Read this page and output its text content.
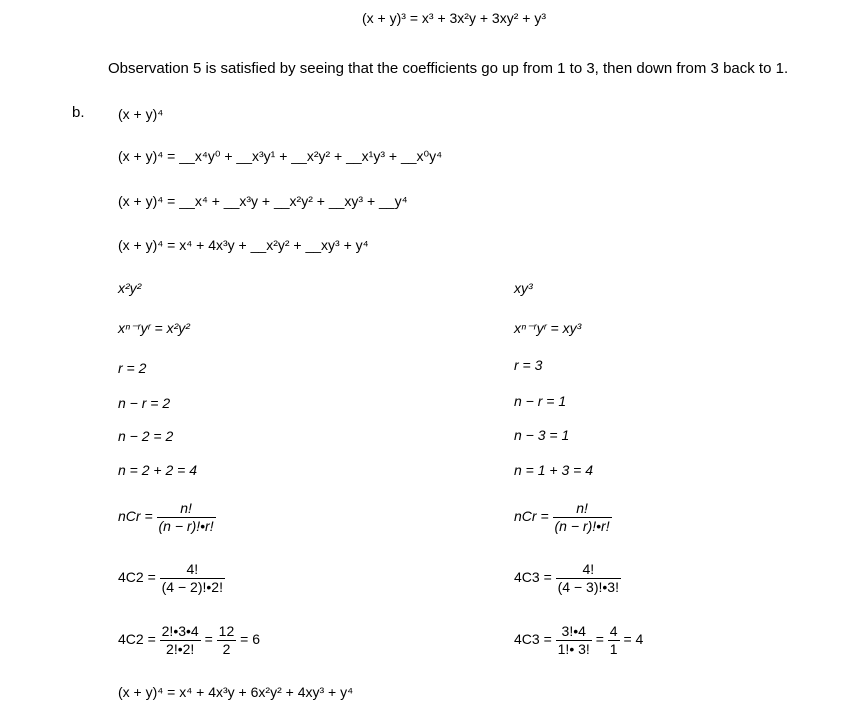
(x + y)³ = x³ + 3x²y + 3xy² + y³
Observation 5 is satisfied by seeing that the coefficients go up from 1 to 3, then down from 3 back to 1.
b. (x + y)⁴
(x + y)⁴ = __x⁴y⁰ + __x³y¹ + __x²y² + __x¹y³ + __x⁰y⁴
(x + y)⁴ = __x⁴ + __x³y + __x²y² + __xy³ + __y⁴
(x + y)⁴ = x⁴ + 4x³y + __x²y² + __xy³ + y⁴
x²y²
xⁿ⁻ʳyʳ = x²y²
r = 2
n − r = 2
n − 2 = 2
n = 2 + 2 = 4
nCr = $\frac{n!}{(n - r)!•r!}$
$4C2 = \frac{4!}{(4 - 2)!•2!}$
$4C2 = \frac{2!•3•4}{2!•2!} = \frac{12}{2} = 6$
(x + y)⁴ = x⁴ + 4x³y + 6x²y² + 4xy³ + y⁴
xy³
xⁿ⁻ʳyʳ = xy³
r = 3
n − r = 1
n − 3 = 1
n = 1 + 3 = 4
nCr = $\frac{n!}{(n - r)!•r!}$
$4C3 = \frac{4!}{(4 - 3)!•3!}$
$4C3 = \frac{3!•4}{1!• 3!} = \frac{4}{1} = 4$
